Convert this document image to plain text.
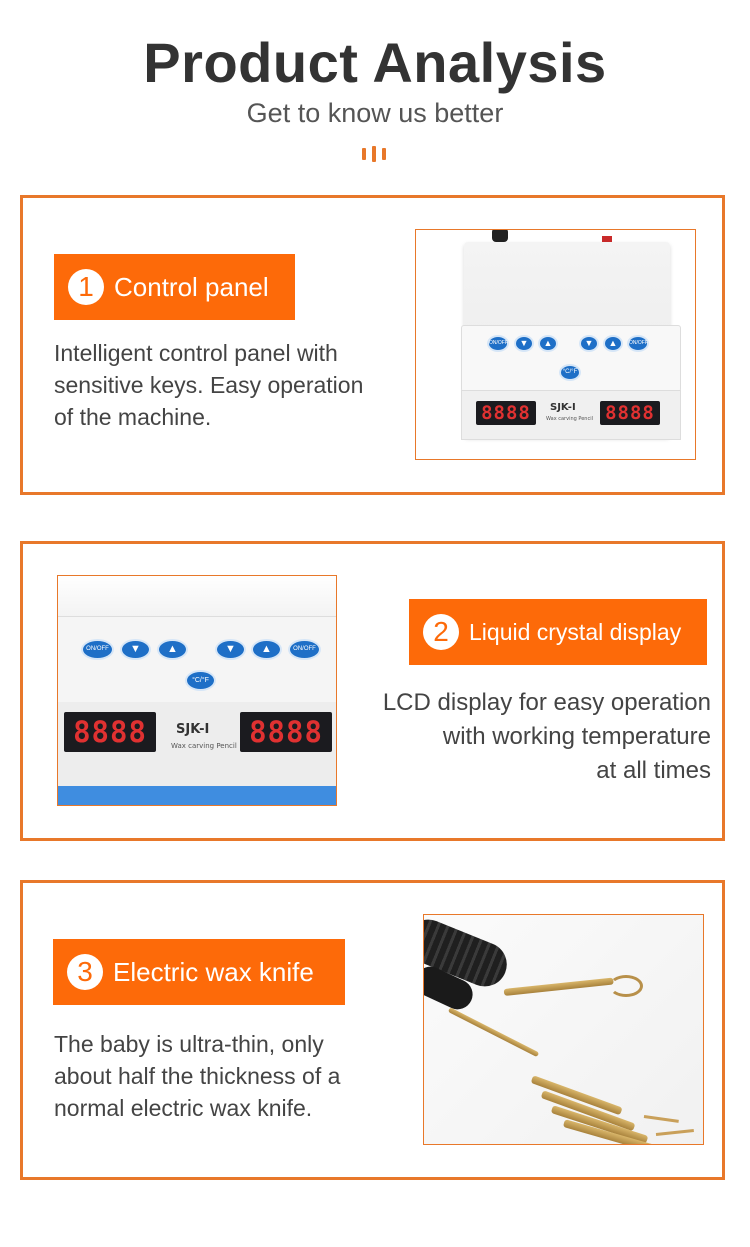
Product Analysis
Get to know us better
1 Control panel
Intelligent control panel with
sensitive keys. Easy operation
of the machine.
ON/OFF	▼	▲	▼	▲	ON/OFF
°C/°F
8888	SJK-I
Wax carving Pencil 8888
ON/OFF	▼	▲	▼	▲	ON/OFF
°C/°F
8888	SJK-I
Wax carving Pencil 8888
2 Liquid crystal display
LCD display for easy operation
with working temperature
at all times
3 Electric wax knife
The baby is ultra-thin, only
about half the thickness of a
normal electric wax knife.
